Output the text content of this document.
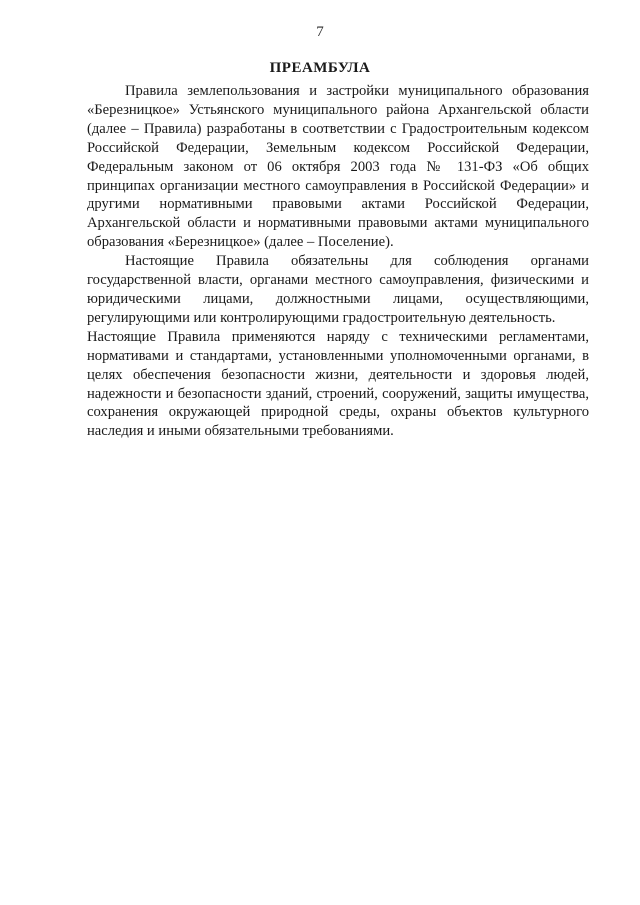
7
ПРЕАМБУЛА

Правила землепользования и застройки муниципального образования «Березницкое» Устьянского муниципального района Архангельской области (далее – Правила) разработаны в соответствии с Градостроительным кодексом Российской Федерации, Земельным кодексом Российской Федерации, Федеральным законом от 06 октября 2003 года № 131-ФЗ «Об общих принципах организации местного самоуправления в Российской Федерации» и другими нормативными правовыми актами Российской Федерации, Архангельской области и нормативными правовыми актами муниципального образования «Березницкое» (далее – Поселение).

Настоящие Правила обязательны для соблюдения органами государственной власти, органами местного самоуправления, физическими и юридическими лицами, должностными лицами, осуществляющими, регулирующими или контролирующими градостроительную деятельность.

Настоящие Правила применяются наряду с техническими регламентами, нормативами и стандартами, установленными уполномоченными органами, в целях обеспечения безопасности жизни, деятельности и здоровья людей, надежности и безопасности зданий, строений, сооружений, защиты имущества, сохранения окружающей природной среды, охраны объектов культурного наследия и иными обязательными требованиями.
